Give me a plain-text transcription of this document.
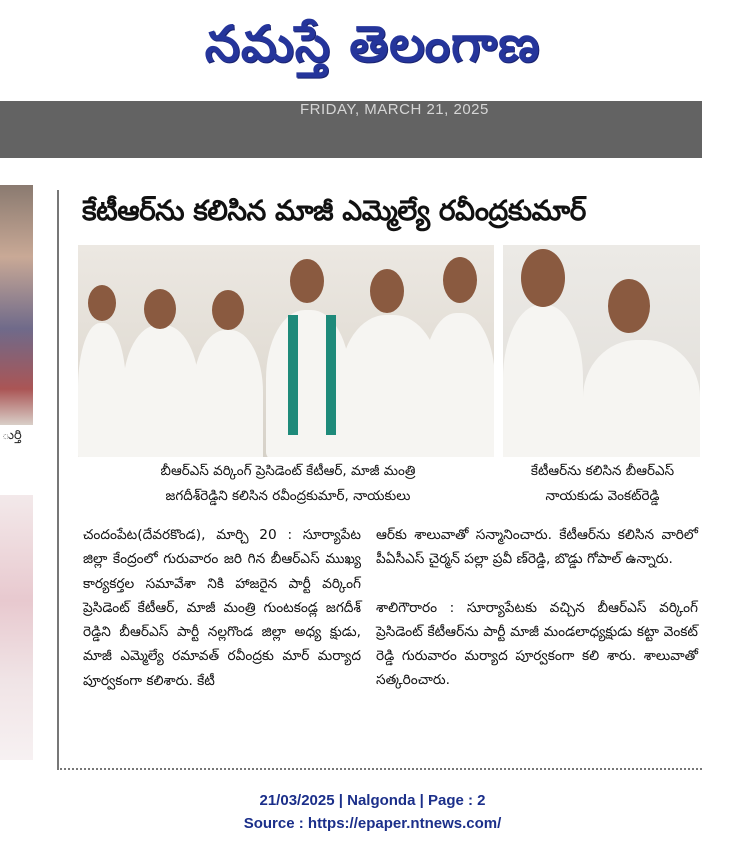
నమస్తే తెలంగాణ
FRIDAY, MARCH 21, 2025
ుర్తి
కేటీఆర్‌ను కలిసిన మాజీ ఎమ్మెల్యే రవీంద్రకుమార్
బీఆర్ఎస్ వర్కింగ్ ప్రెసిడెంట్ కేటీఆర్, మాజీ మంత్రి
జగదీశ్‌రెడ్డిని కలిసిన రవీంద్రకుమార్, నాయకులు
కేటీఆర్‌ను కలిసిన బీఆర్ఎస్
నాయకుడు వెంకట్‌రెడ్డి

చందంపేట(దేవరకొండ), మార్చి 20 : సూర్యాపేట జిల్లా కేంద్రంలో గురువారం జరి గిన బీఆర్ఎస్ ముఖ్య కార్యకర్తల సమావేశా నికి హాజరైన పార్టీ వర్కింగ్ ప్రెసిడెంట్ కేటీఆర్, మాజీ మంత్రి గుంటకండ్ల జగదీశ్ రెడ్డిని బీఆర్ఎస్ పార్టీ నల్లగొండ జిల్లా అధ్య క్షుడు, మాజీ ఎమ్మెల్యే రమావత్ రవీంద్రకు మార్ మర్యాద పూర్వకంగా కలిశారు. కేటీ

ఆర్‌కు శాలువాతో సన్మానించారు. కేటీఆర్‌ను కలిసిన వారిలో పీఏసీఎస్ చైర్మన్ పల్లా ప్రవీ ణ్‌రెడ్డి, బొడ్డు గోపాల్ ఉన్నారు.

శాలిగౌరారం : సూర్యాపేటకు వచ్చిన బీఆర్ఎస్ వర్కింగ్ ప్రెసిడెంట్ కేటీఆర్‌ను పార్టీ మాజీ మండలాధ్యక్షుడు కట్టా వెంకట్ రెడ్డి గురువారం మర్యాద పూర్వకంగా కలి శారు. శాలువాతో సత్కరించారు.

21/03/2025 | Nalgonda | Page : 2
Source : https://epaper.ntnews.com/
